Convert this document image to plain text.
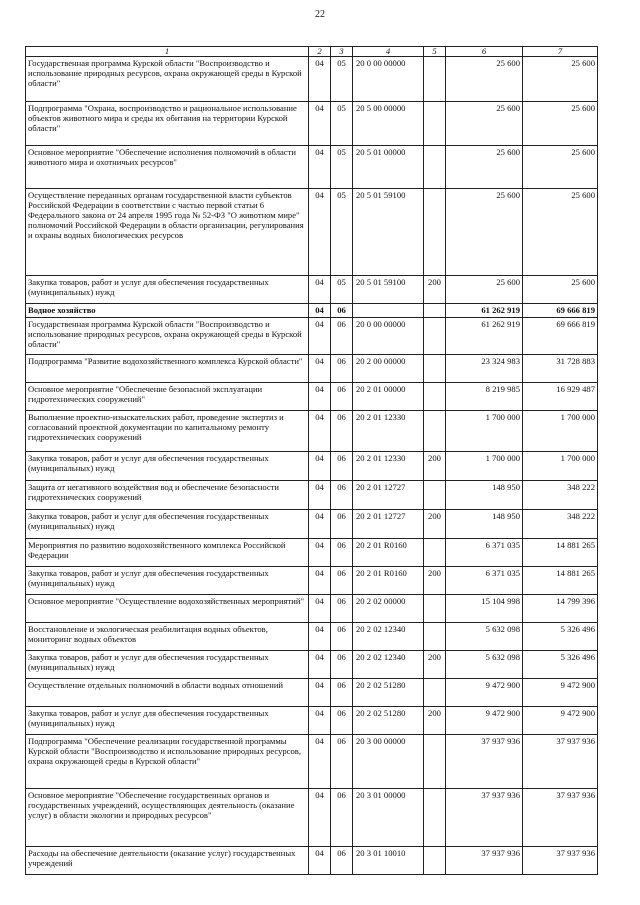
22
1	2	3	4	5	6	7
Государственная программа Курской области "Воспроизводство и использование природных ресурсов, охрана окружающей среды в Курской области"	04	05	20 0 00 00000		25 600	25 600
Подпрограмма "Охрана, воспроизводство и рациональное использование объектов животного мира и среды их обитания на территории Курской области"	04	05	20 5 00 00000		25 600	25 600
Основное мероприятие "Обеспечение исполнения полномочий в области животного мира и охотничьих ресурсов"	04	05	20 5 01 00000		25 600	25 600
Осуществление переданных органам государственной власти субъектов Российской Федерации в соответствии с частью первой статьи 6 Федерального закона от 24 апреля 1995 года № 52-ФЗ "О животном мире" полномочий Российской Федерации в области организации, регулирования и охраны водных биологических ресурсов	04	05	20 5 01 59100		25 600	25 600
Закупка товаров, работ и услуг для обеспечения государственных (муниципальных) нужд	04	05	20 5 01 59100	200	25 600	25 600
Водное хозяйство	04	06			61 262 919	69 666 819
Государственная программа Курской области "Воспроизводство и использование природных ресурсов, охрана окружающей среды в Курской области"	04	06	20 0 00 00000		61 262 919	69 666 819
Подпрограмма "Развитие водохозяйственного комплекса Курской области"	04	06	20 2 00 00000		23 324 983	31 728 883
Основное мероприятие "Обеспечение безопасной эксплуатации гидротехнических сооружений"	04	06	20 2 01 00000		8 219 985	16 929 487
Выполнение проектно-изыскательских работ, проведение экспертиз и согласований проектной документации по капитальному ремонту гидротехнических сооружений	04	06	20 2 01 12330		1 700 000	1 700 000
Закупка товаров, работ и услуг для обеспечения государственных (муниципальных) нужд	04	06	20 2 01 12330	200	1 700 000	1 700 000
Защита от негативного воздействия вод и обеспечение безопасности гидротехнических сооружений	04	06	20 2 01 12727		148 950	348 222
Закупка товаров, работ и услуг для обеспечения государственных (муниципальных) нужд	04	06	20 2 01 12727	200	148 950	348 222
Мероприятия по развитию водохозяйственного комплекса Российской Федерации	04	06	20 2 01 R0160		6 371 035	14 881 265
Закупка товаров, работ и услуг для обеспечения государственных (муниципальных) нужд	04	06	20 2 01 R0160	200	6 371 035	14 881 265
Основное мероприятие "Осуществление водохозяйственных мероприятий"	04	06	20 2 02 00000		15 104 998	14 799 396
Восстановление и экологическая реабилитация водных объектов, мониторинг водных объектов	04	06	20 2 02 12340		5 632 098	5 326 496
Закупка товаров, работ и услуг для обеспечения государственных (муниципальных) нужд	04	06	20 2 02 12340	200	5 632 098	5 326 496
Осуществление отдельных полномочий в области водных отношений	04	06	20 2 02 51280		9 472 900	9 472 900
Закупка товаров, работ и услуг для обеспечения государственных (муниципальных) нужд	04	06	20 2 02 51280	200	9 472 900	9 472 900
Подпрограмма "Обеспечение реализации государственной программы Курской области "Воспроизводство и использование природных ресурсов, охрана окружающей среды в Курской области"	04	06	20 3 00 00000		37 937 936	37 937 936
Основное мероприятие "Обеспечение государственных органов и государственных учреждений, осуществляющих деятельность (оказание услуг) в области экологии и природных ресурсов"	04	06	20 3 01 00000		37 937 936	37 937 936
Расходы на обеспечение деятельности (оказание услуг) государственных учреждений	04	06	20 3 01 10010		37 937 936	37 937 936
